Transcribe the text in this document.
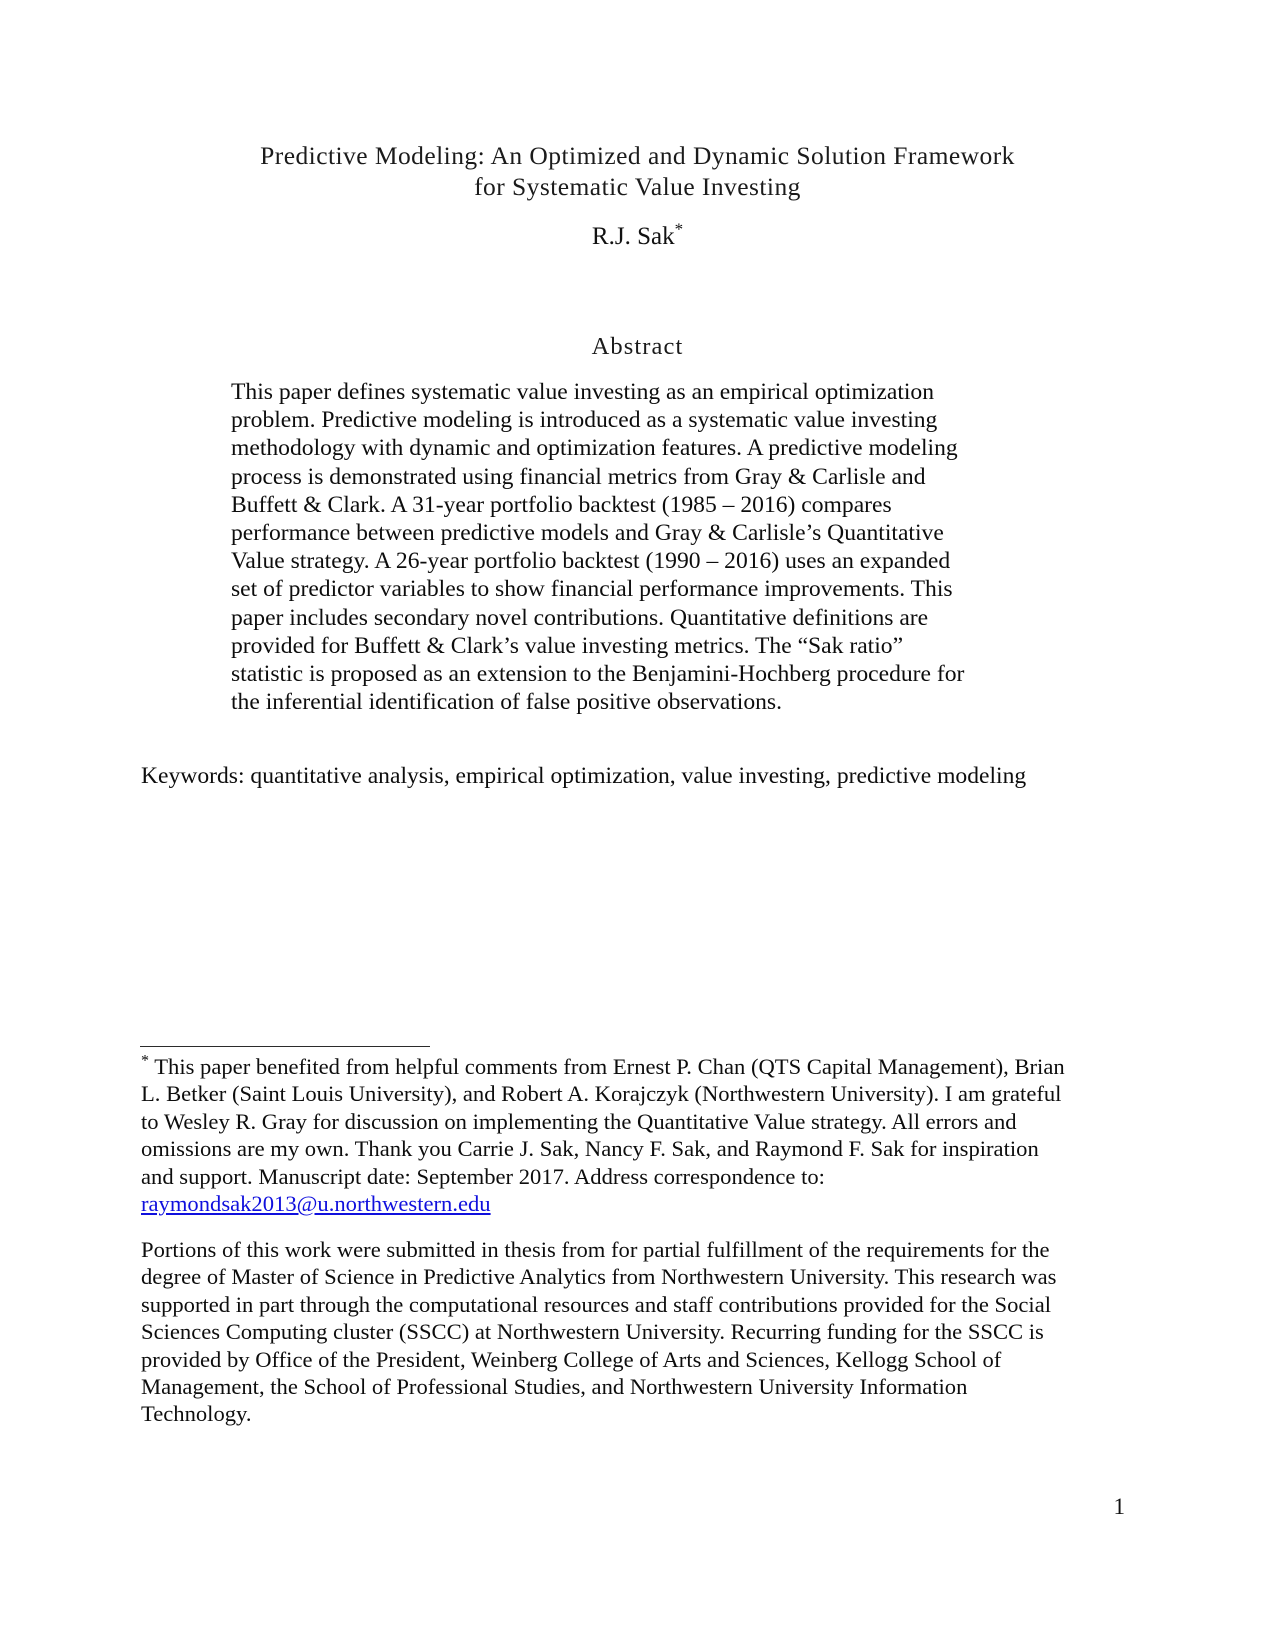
Predictive Modeling: An Optimized and Dynamic Solution Framework
for Systematic Value Investing
R.J. Sak*
Abstract
This paper defines systematic value investing as an empirical optimization problem. Predictive modeling is introduced as a systematic value investing methodology with dynamic and optimization features. A predictive modeling process is demonstrated using financial metrics from Gray & Carlisle and Buffett & Clark. A 31-year portfolio backtest (1985 – 2016) compares performance between predictive models and Gray & Carlisle’s Quantitative Value strategy. A 26-year portfolio backtest (1990 – 2016) uses an expanded set of predictor variables to show financial performance improvements. This paper includes secondary novel contributions. Quantitative definitions are provided for Buffett & Clark’s value investing metrics. The “Sak ratio” statistic is proposed as an extension to the Benjamini-Hochberg procedure for the inferential identification of false positive observations.
Keywords: quantitative analysis, empirical optimization, value investing, predictive modeling
* This paper benefited from helpful comments from Ernest P. Chan (QTS Capital Management), Brian L. Betker (Saint Louis University), and Robert A. Korajczyk (Northwestern University). I am grateful to Wesley R. Gray for discussion on implementing the Quantitative Value strategy. All errors and omissions are my own. Thank you Carrie J. Sak, Nancy F. Sak, and Raymond F. Sak for inspiration and support. Manuscript date: September 2017. Address correspondence to: raymondsak2013@u.northwestern.edu
Portions of this work were submitted in thesis from for partial fulfillment of the requirements for the degree of Master of Science in Predictive Analytics from Northwestern University. This research was supported in part through the computational resources and staff contributions provided for the Social Sciences Computing cluster (SSCC) at Northwestern University. Recurring funding for the SSCC is provided by Office of the President, Weinberg College of Arts and Sciences, Kellogg School of Management, the School of Professional Studies, and Northwestern University Information Technology.
1
